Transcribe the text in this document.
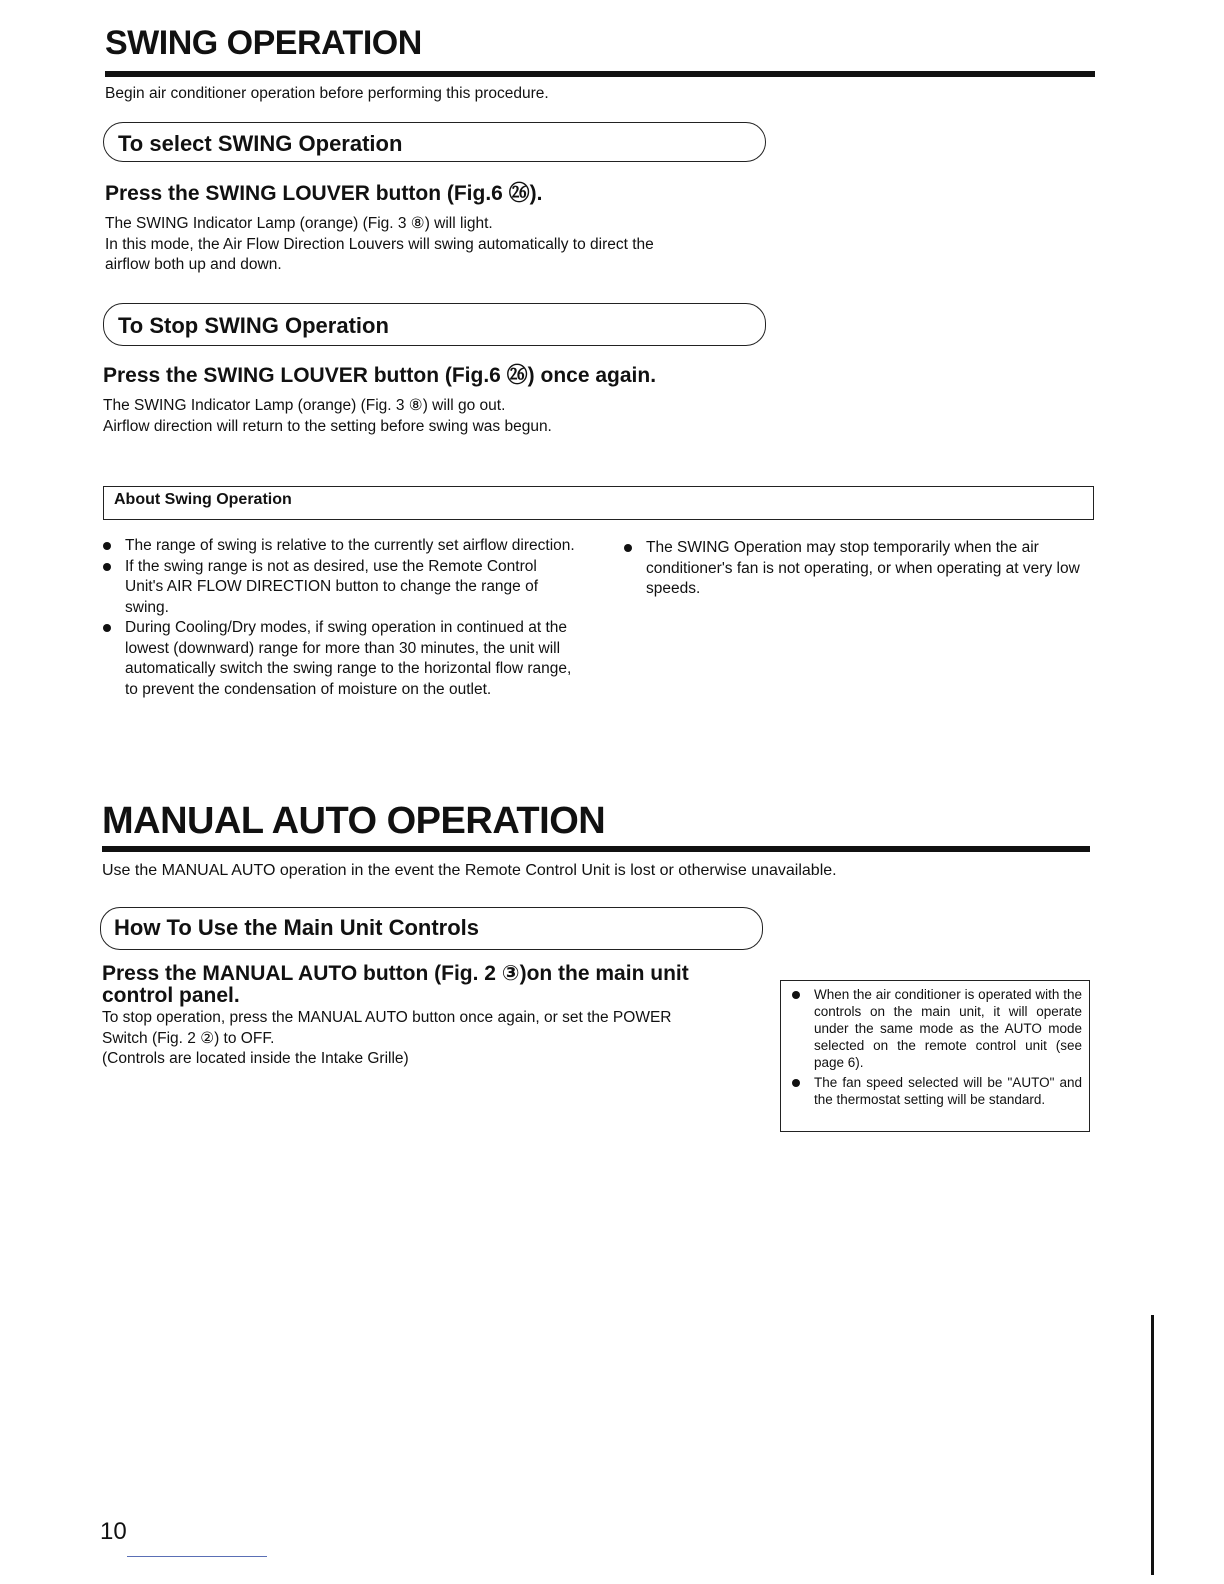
SWING OPERATION
Begin air conditioner operation before performing this procedure.
To select SWING Operation
Press the SWING LOUVER button (Fig.6 ㉖).

The SWING Indicator Lamp (orange) (Fig. 3 ⑧) will light.

In this mode, the Air Flow Direction Louvers will swing automatically to direct the

airflow both up and down.

To Stop SWING Operation
Press the SWING LOUVER button (Fig.6 ㉖) once again.

The SWING Indicator Lamp (orange) (Fig. 3 ⑧) will go out.

Airflow direction will return to the setting before swing was begun.

About Swing Operation
The range of swing is relative to the currently set airflow direction.
If the swing range is not as desired, use the Remote Control Unit's AIR FLOW DIRECTION button to change the range of swing.
During Cooling/Dry modes, if swing operation in continued at the lowest (downward) range for more than 30 minutes, the unit will automatically switch the swing range to the horizontal flow range, to prevent the condensation of moisture on the outlet.
The SWING Operation may stop temporarily when the air conditioner's fan is not operating, or when operating at very low speeds.
MANUAL AUTO OPERATION
Use the MANUAL AUTO operation in the event the Remote Control Unit is lost or otherwise unavailable.
How To Use the Main Unit Controls
Press the MANUAL AUTO button (Fig. 2 ③)on the main unit
control panel.

To stop operation, press the MANUAL AUTO button once again, or set the POWER

Switch (Fig. 2 ②) to OFF.

(Controls are located inside the Intake Grille)

When the air conditioner is operated with the controls on the main unit, it will operate under the same mode as the AUTO mode selected on the remote control unit (see page 6).
The fan speed selected will be "AUTO" and the thermostat setting will be standard.
10
